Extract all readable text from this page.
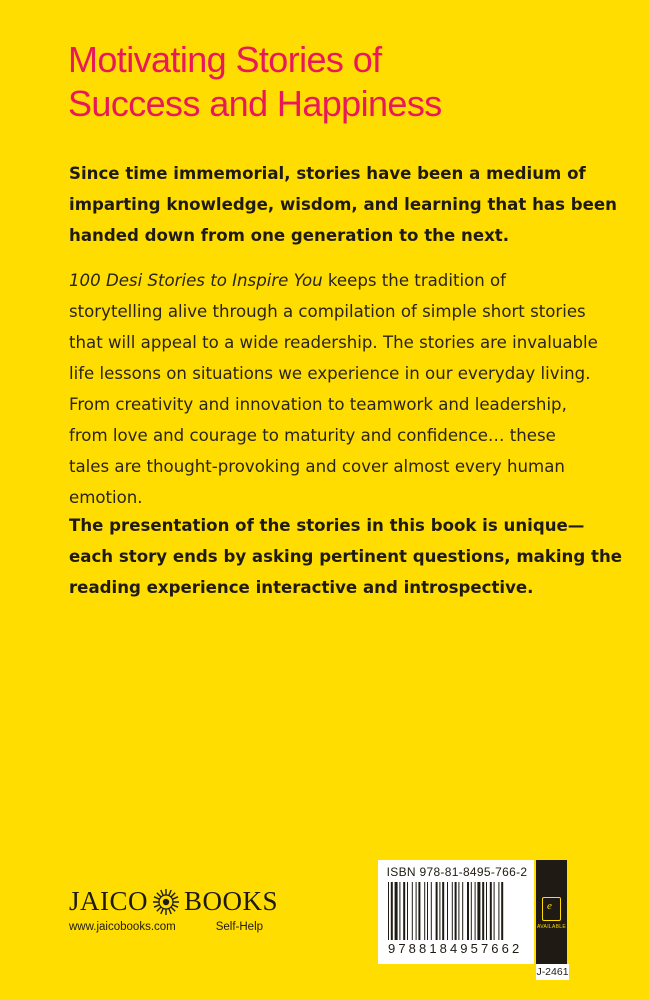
Motivating Stories of
Success and Happiness
Since time immemorial, stories have been a medium of
imparting knowledge, wisdom, and learning that has been
handed down from one generation to the next.
100 Desi Stories to Inspire You keeps the tradition of
storytelling alive through a compilation of simple short stories
that will appeal to a wide readership. The stories are invaluable
life lessons on situations we experience in our everyday living.
From creativity and innovation to teamwork and leadership,
from love and courage to maturity and confidence… these
tales are thought-provoking and cover almost every human
emotion.
The presentation of the stories in this book is unique—
each story ends by asking pertinent questions, making the
reading experience interactive and introspective.
JAICO BOOKS
www.jaicobooks.com	Self-Help
ISBN 978-81-8495-766-2
9788184957662
e
AVAILABLE
J-2461
